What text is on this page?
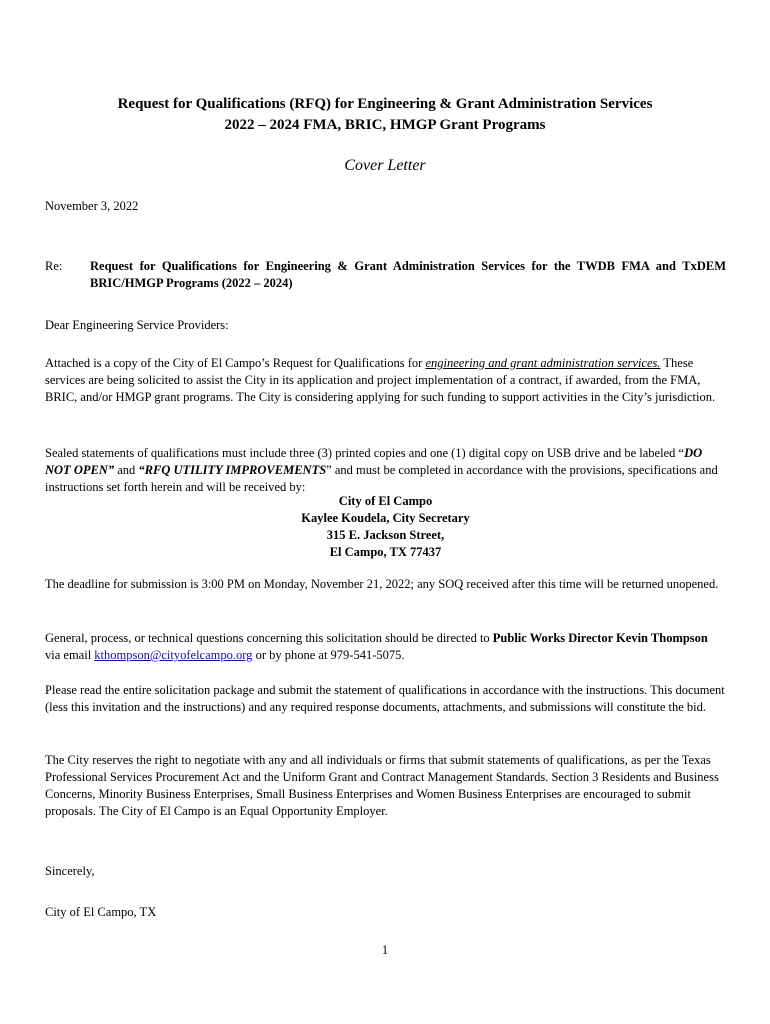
Request for Qualifications (RFQ) for Engineering & Grant Administration Services
2022 – 2024 FMA, BRIC, HMGP Grant Programs
Cover Letter
November 3, 2022
Re: Request for Qualifications for Engineering & Grant Administration Services for the TWDB FMA and TxDEM BRIC/HMGP Programs (2022 – 2024)
Dear Engineering Service Providers:
Attached is a copy of the City of El Campo’s Request for Qualifications for engineering and grant administration services. These services are being solicited to assist the City in its application and project implementation of a contract, if awarded, from the FMA, BRIC, and/or HMGP grant programs. The City is considering applying for such funding to support activities in the City’s jurisdiction.
Sealed statements of qualifications must include three (3) printed copies and one (1) digital copy on USB drive and be labeled “DO NOT OPEN” and “RFQ UTILITY IMPROVEMENTS” and must be completed in accordance with the provisions, specifications and instructions set forth herein and will be received by:
City of El Campo
Kaylee Koudela, City Secretary
315 E. Jackson Street,
El Campo, TX 77437
The deadline for submission is 3:00 PM on Monday, November 21, 2022; any SOQ received after this time will be returned unopened.
General, process, or technical questions concerning this solicitation should be directed to Public Works Director Kevin Thompson via email kthompson@cityofelcampo.org or by phone at 979-541-5075.
Please read the entire solicitation package and submit the statement of qualifications in accordance with the instructions. This document (less this invitation and the instructions) and any required response documents, attachments, and submissions will constitute the bid.
The City reserves the right to negotiate with any and all individuals or firms that submit statements of qualifications, as per the Texas Professional Services Procurement Act and the Uniform Grant and Contract Management Standards. Section 3 Residents and Business Concerns, Minority Business Enterprises, Small Business Enterprises and Women Business Enterprises are encouraged to submit proposals. The City of El Campo is an Equal Opportunity Employer.
Sincerely,
City of El Campo, TX
1
